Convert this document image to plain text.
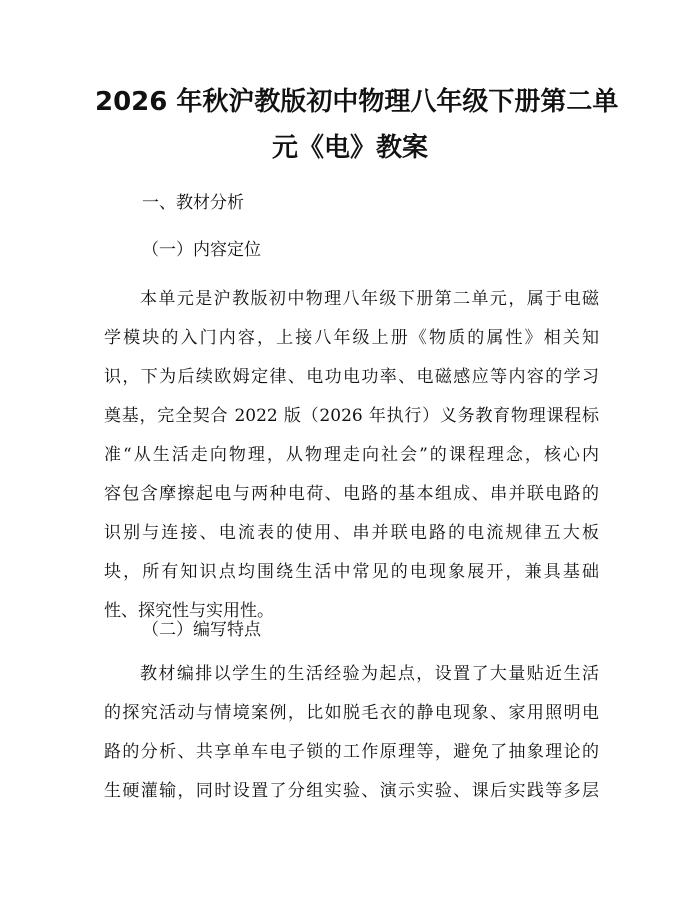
2026 年秋沪教版初中物理八年级下册第二单
元《电》教案

一、教材分析

（一）内容定位

本单元是沪教版初中物理八年级下册第二单元，属于电磁
学模块的入门内容，上接八年级上册《物质的属性》相关知
识，下为后续欧姆定律、电功电功率、电磁感应等内容的学习
奠基，完全契合 2022 版（2026 年执行）义务教育物理课程标
准“从生活走向物理，从物理走向社会”的课程理念，核心内
容包含摩擦起电与两种电荷、电路的基本组成、串并联电路的
识别与连接、电流表的使用、串并联电路的电流规律五大板
块，所有知识点均围绕生活中常见的电现象展开，兼具基础
性、探究性与实用性。

（二）编写特点

教材编排以学生的生活经验为起点，设置了大量贴近生活
的探究活动与情境案例，比如脱毛衣的静电现象、家用照明电
路的分析、共享单车电子锁的工作原理等，避免了抽象理论的
生硬灌输，同时设置了分组实验、演示实验、课后实践等多层
